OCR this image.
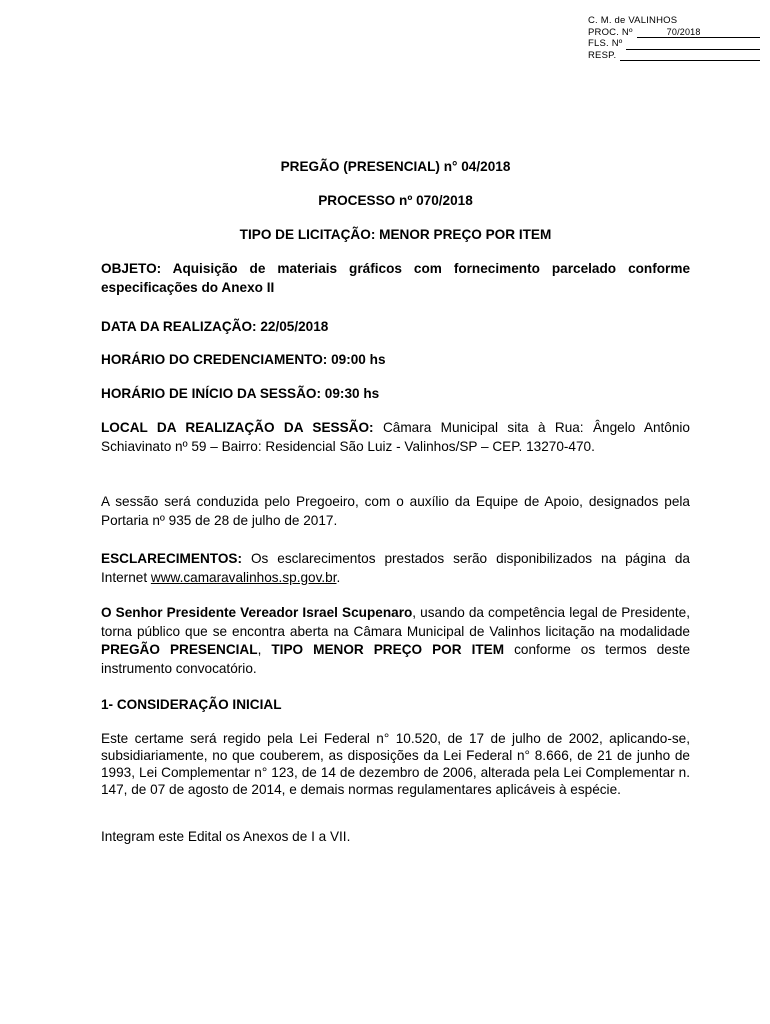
C. M. de VALINHOS
PROC. Nº	70/2018
FLS. Nº
RESP.
PREGÃO (PRESENCIAL) n° 04/2018
PROCESSO nº 070/2018
TIPO DE LICITAÇÃO: MENOR PREÇO POR ITEM
OBJETO: Aquisição de materiais gráficos com fornecimento parcelado conforme especificações do Anexo II
DATA DA REALIZAÇÃO: 22/05/2018
HORÁRIO DO CREDENCIAMENTO: 09:00 hs
HORÁRIO DE INÍCIO DA SESSÃO: 09:30 hs
LOCAL DA REALIZAÇÃO DA SESSÃO: Câmara Municipal sita à Rua: Ângelo Antônio Schiavinato nº 59 – Bairro: Residencial São Luiz - Valinhos/SP – CEP. 13270-470.
A sessão será conduzida pelo Pregoeiro, com o auxílio da Equipe de Apoio, designados pela Portaria nº 935 de 28 de julho de 2017.
ESCLARECIMENTOS: Os esclarecimentos prestados serão disponibilizados na página da Internet www.camaravalinhos.sp.gov.br.
O Senhor Presidente Vereador Israel Scupenaro, usando da competência legal de Presidente, torna público que se encontra aberta na Câmara Municipal de Valinhos licitação na modalidade PREGÃO PRESENCIAL, TIPO MENOR PREÇO POR ITEM conforme os termos deste instrumento convocatório.
1- CONSIDERAÇÃO INICIAL
Este certame será regido pela Lei Federal n° 10.520, de 17 de julho de 2002, aplicando-se, subsidiariamente, no que couberem, as disposições da Lei Federal n° 8.666, de 21 de junho de 1993, Lei Complementar n° 123, de 14 de dezembro de 2006, alterada pela Lei Complementar n. 147, de 07 de agosto de 2014, e demais normas regulamentares aplicáveis à espécie.
Integram este Edital os Anexos de I a VII.
